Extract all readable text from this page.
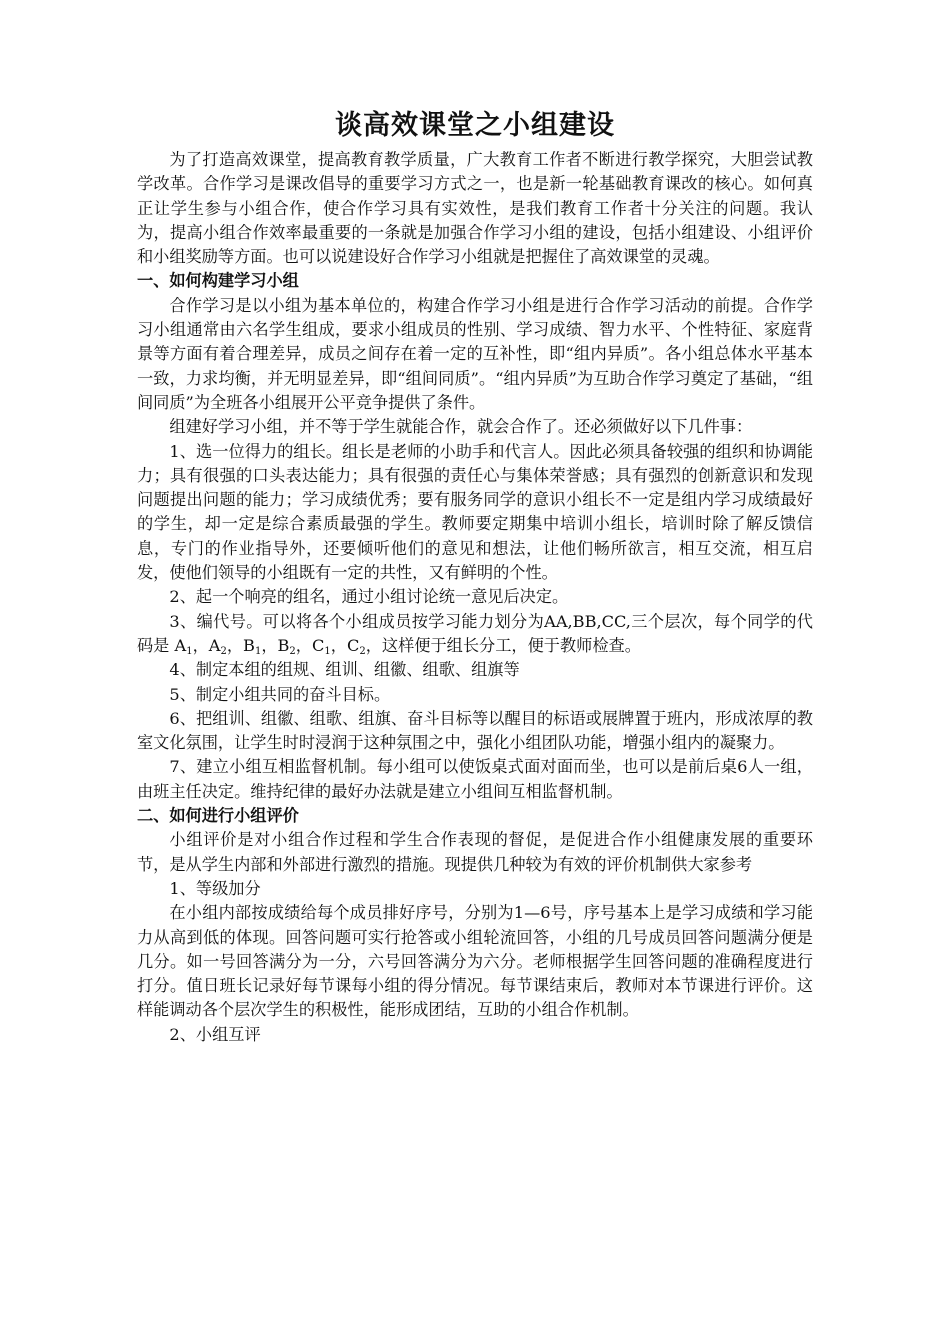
谈高效课堂之小组建设

为了打造高效课堂，提高教育教学质量，广大教育工作者不断进行教学探究，大胆尝试教学改革。合作学习是课改倡导的重要学习方式之一，也是新一轮基础教育课改的核心。如何真正让学生参与小组合作，使合作学习具有实效性，是我们教育工作者十分关注的问题。我认为，提高小组合作效率最重要的一条就是加强合作学习小组的建设，包括小组建设、小组评价和小组奖励等方面。也可以说建设好合作学习小组就是把握住了高效课堂的灵魂。

一、如何构建学习小组

合作学习是以小组为基本单位的，构建合作学习小组是进行合作学习活动的前提。合作学习小组通常由六名学生组成，要求小组成员的性别、学习成绩、智力水平、个性特征、家庭背景等方面有着合理差异，成员之间存在着一定的互补性，即“组内异质”。各小组总体水平基本一致，力求均衡，并无明显差异，即“组间同质”。“组内异质”为互助合作学习奠定了基础，“组间同质”为全班各小组展开公平竞争提供了条件。

组建好学习小组，并不等于学生就能合作，就会合作了。还必须做好以下几件事：

1、选一位得力的组长。组长是老师的小助手和代言人。因此必须具备较强的组织和协调能力；具有很强的口头表达能力；具有很强的责任心与集体荣誉感；具有强烈的创新意识和发现问题提出问题的能力；学习成绩优秀；要有服务同学的意识小组长不一定是组内学习成绩最好的学生，却一定是综合素质最强的学生。教师要定期集中培训小组长，培训时除了解反馈信息，专门的作业指导外，还要倾听他们的意见和想法，让他们畅所欲言，相互交流，相互启发，使他们领导的小组既有一定的共性，又有鲜明的个性。

2、起一个响亮的组名，通过小组讨论统一意见后决定。

3、编代号。可以将各个小组成员按学习能力划分为AA,BB,CC,三个层次，每个同学的代码是 $A_1$，$A_2$，$B_1$，$B_2$，$C_1$，$C_2$，这样便于组长分工，便于教师检查。

4、制定本组的组规、组训、组徽、组歌、组旗等

5、制定小组共同的奋斗目标。

6、把组训、组徽、组歌、组旗、奋斗目标等以醒目的标语或展牌置于班内，形成浓厚的教室文化氛围，让学生时时浸润于这种氛围之中，强化小组团队功能，增强小组内的凝聚力。

7、建立小组互相监督机制。每小组可以使饭桌式面对面而坐，也可以是前后桌6人一组，由班主任决定。维持纪律的最好办法就是建立小组间互相监督机制。

二、如何进行小组评价

小组评价是对小组合作过程和学生合作表现的督促，是促进合作小组健康发展的重要环节，是从学生内部和外部进行激烈的措施。现提供几种较为有效的评价机制供大家参考

1、等级加分

在小组内部按成绩给每个成员排好序号，分别为1—6号，序号基本上是学习成绩和学习能力从高到低的体现。回答问题可实行抢答或小组轮流回答，小组的几号成员回答问题满分便是几分。如一号回答满分为一分，六号回答满分为六分。老师根据学生回答问题的准确程度进行打分。值日班长记录好每节课每小组的得分情况。每节课结束后，教师对本节课进行评价。这样能调动各个层次学生的积极性，能形成团结，互助的小组合作机制。

2、小组互评
